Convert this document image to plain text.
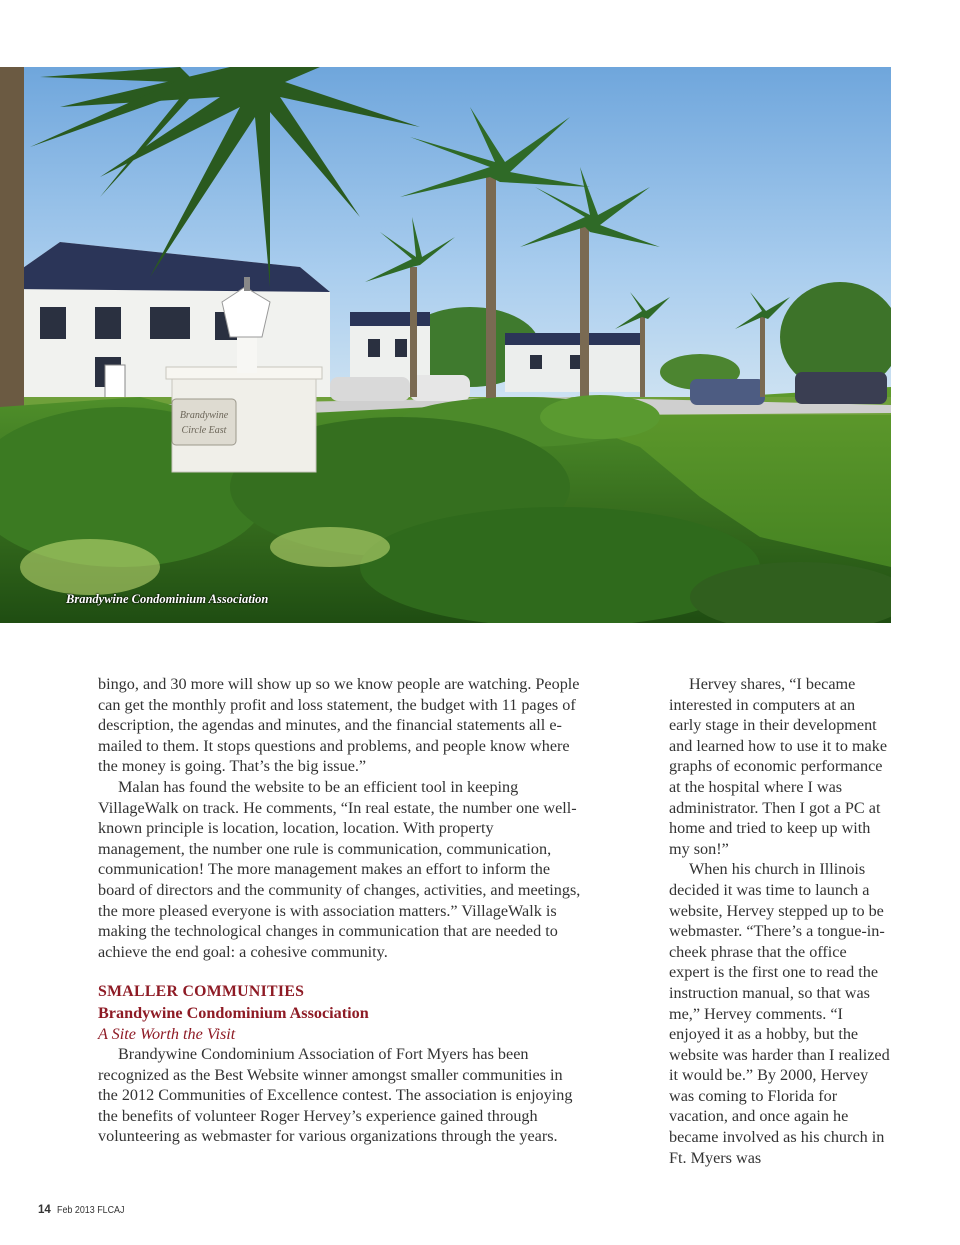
Brandywine
Circle East
Brandywine Condominium Association

bingo, and 30 more will show up so we know people are watching. People can get the monthly profit and loss statement, the budget with 11 pages of description, the agendas and minutes, and the financial statements all e-mailed to them. It stops questions and problems, and people know where the money is going. That’s the big issue.”

Malan has found the website to be an efficient tool in keeping VillageWalk on track. He comments, “In real estate, the number one well-known principle is location, location, location. With property management, the number one rule is communication, communication, communication! The more management makes an effort to inform the board of directors and the community of changes, activities, and meetings, the more pleased everyone is with association matters.” VillageWalk is making the technological changes in communication that are needed to achieve the end goal: a cohesive community.

SMALLER COMMUNITIES

Brandywine Condominium Association

A Site Worth the Visit

Brandywine Condominium Association of Fort Myers has been recognized as the Best Website winner amongst smaller communities in the 2012 Communities of Excellence contest. The association is enjoying the benefits of volunteer Roger Hervey’s experience gained through volunteering as webmaster for various organizations through the years.

Hervey shares, “I became interested in computers at an early stage in their development and learned how to use it to make graphs of economic performance at the hospital where I was administrator. Then I got a PC at home and tried to keep up with my son!”

When his church in Illinois decided it was time to launch a website, Hervey stepped up to be webmaster. “There’s a tongue-in-cheek phrase that the office expert is the first one to read the instruction manual, so that was me,” Hervey comments. “I enjoyed it as a hobby, but the website was harder than I realized it would be.” By 2000, Hervey was coming to Florida for vacation, and once again he became involved as his church in Ft. Myers was

14 Feb 2013 FLCAJ
